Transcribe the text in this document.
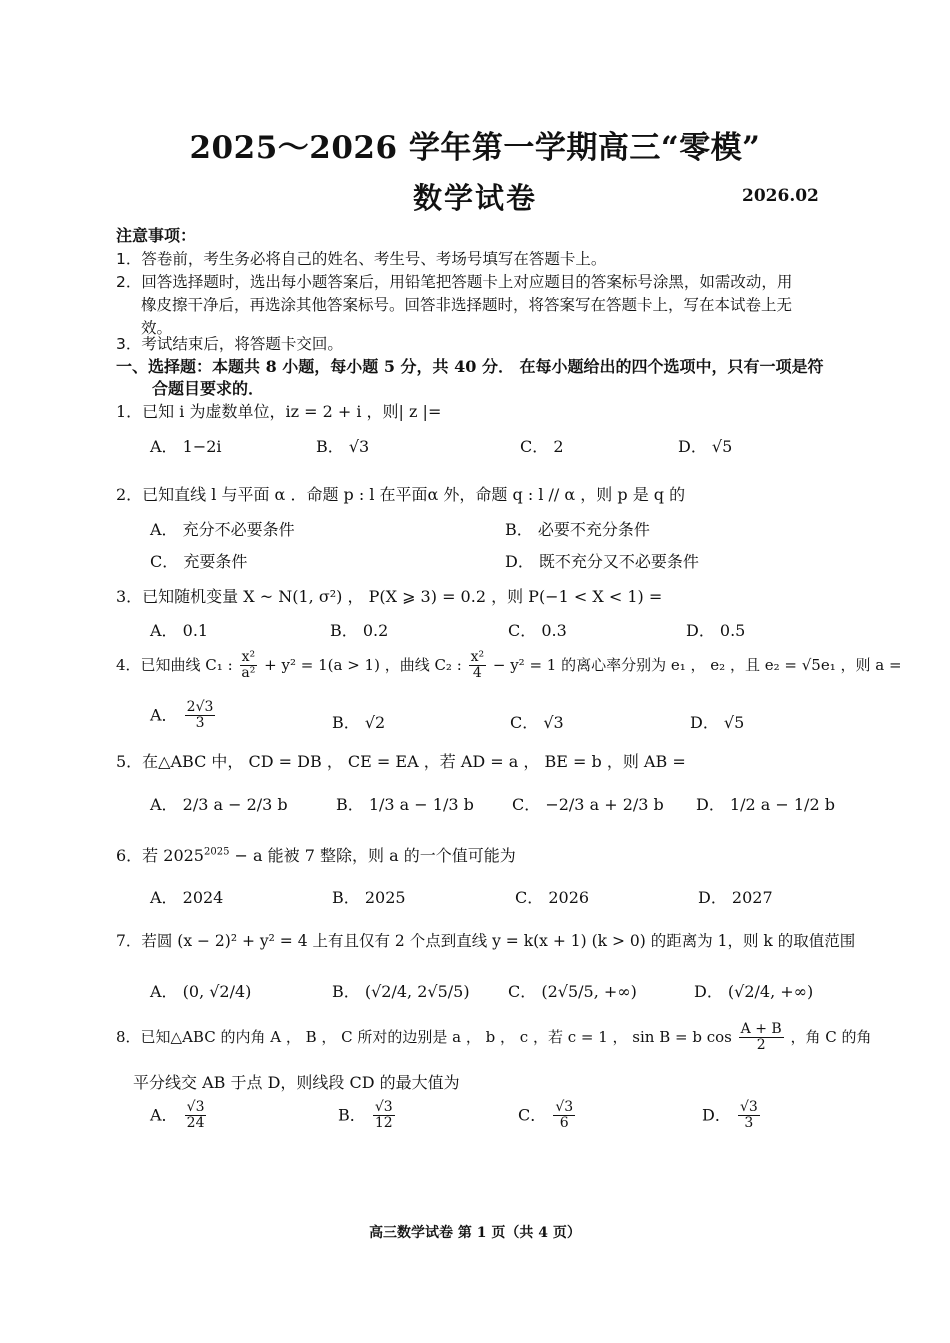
2025～2026 学年第一学期高三“零模”
数学试卷	2026.02
注意事项：
1．答卷前，考生务必将自己的姓名、考生号、考场号填写在答题卡上。
2．回答选择题时，选出每小题答案后，用铅笔把答题卡上对应题目的答案标号涂黑，如需改动，用
橡皮擦干净后，再选涂其他答案标号。回答非选择题时，将答案写在答题卡上，写在本试卷上无
效。
3．考试结束后，将答题卡交回。
一、选择题：本题共 8 小题，每小题 5 分，共 40 分． 在每小题给出的四个选项中，只有一项是符
合题目要求的．
1．已知 i 为虚数单位，iz = 2 + i ，则| z |=
A． 1−2i	B． √3	C． 2	D． √5
2．已知直线 l 与平面 α ．命题 p : l 在平面α 外，命题 q : l // α ，则 p 是 q 的
A． 充分不必要条件	B． 必要不充分条件
C． 充要条件	D． 既不充分又不必要条件
3．已知随机变量 X ~ N(1, σ²) ， P(X ⩾ 3) = 0.2 ，则 P(−1 < X < 1) =
A． 0.1	B． 0.2	C． 0.3	D． 0.5
4．已知曲线 C₁ : $\frac{\text{x²}}{\text{a²}} + y^2 = 1(a > 1)$ ，曲线 C₂ : $\frac{\text{x²}}{4} - y^2 = 1$ 的离心率分别为 e₁ ， e₂ ，且 e₂ = √5e₁ ，则 a =
A． $\frac{2√3}{3}$	B． √2	C． √3	D． √5
5．在△ABC 中， CD = DB ， CE = EA ，若 AD = a ， BE = b ，则 AB =
A． 2/3 a − 2/3 b	B． 1/3 a − 1/3 b C． −2/3 a + 2/3 b D． 1/2 a − 1/2 b
6．若 $2025^{2025} - a$ 能被 7 整除，则 a 的一个值可能为
A． 2024	B． 2025	C． 2026	D． 2027
7．若圆 (x − 2)² + y² = 4 上有且仅有 2 个点到直线 y = k(x + 1) (k > 0) 的距离为 1，则 k 的取值范围
A． (0, √2/4)	B． (√2/4, 2√5/5) C． (2√5/5, +∞)	D． (√2/4, +∞)
8．已知△ABC 的内角 A ， B ， C 所对的边别是 a ， b ， c ，若 c = 1 ， sin B = b $\cos \frac{A + B}{2}$ ，角 C 的角
平分线交 AB 于点 D，则线段 CD 的最大值为
A． $\frac{√3}{24}$	B． $\frac{√3}{12}$	C． $\frac{√3}{6}$	D． $\frac{√3}{3}$
高三数学试卷 第 1 页（共 4 页）
